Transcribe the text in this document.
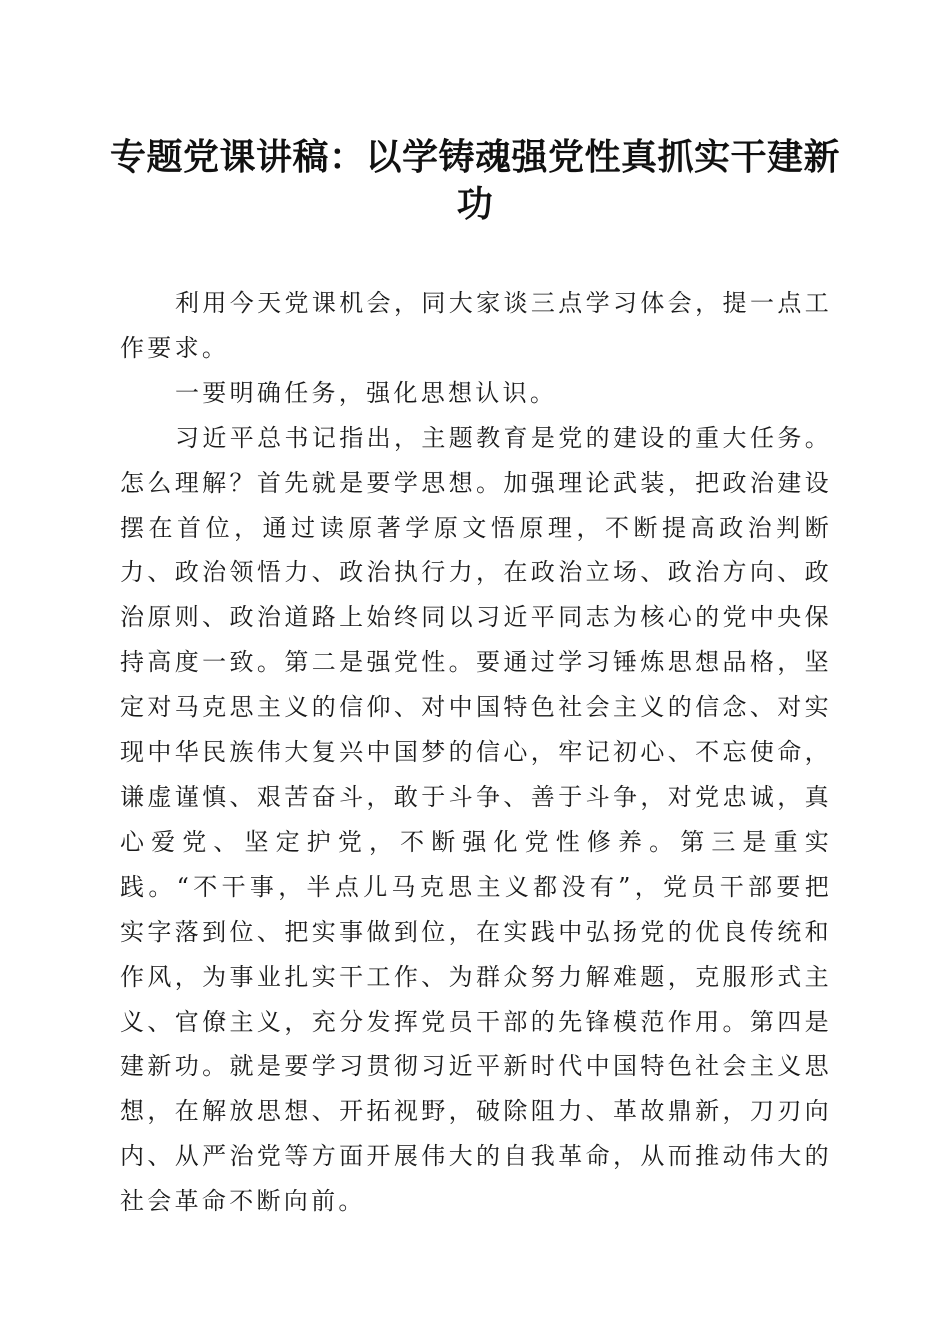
专题党课讲稿：以学铸魂强党性真抓实干建新功

利用今天党课机会，同大家谈三点学习体会，提一点工作要求。

一要明确任务，强化思想认识。

习近平总书记指出，主题教育是党的建设的重大任务。怎么理解？首先就是要学思想。加强理论武装，把政治建设摆在首位，通过读原著学原文悟原理，不断提高政治判断力、政治领悟力、政治执行力，在政治立场、政治方向、政治原则、政治道路上始终同以习近平同志为核心的党中央保持高度一致。第二是强党性。要通过学习锤炼思想品格，坚定对马克思主义的信仰、对中国特色社会主义的信念、对实现中华民族伟大复兴中国梦的信心，牢记初心、不忘使命，谦虚谨慎、艰苦奋斗，敢于斗争、善于斗争，对党忠诚，真心爱党、坚定护党，不断强化党性修养。第三是重实践。“不干事，半点儿马克思主义都没有”，党员干部要把实字落到位、把实事做到位，在实践中弘扬党的优良传统和作风，为事业扎实干工作、为群众努力解难题，克服形式主义、官僚主义，充分发挥党员干部的先锋模范作用。第四是建新功。就是要学习贯彻习近平新时代中国特色社会主义思想，在解放思想、开拓视野，破除阻力、革故鼎新，刀刃向内、从严治党等方面开展伟大的自我革命，从而推动伟大的社会革命不断向前。
